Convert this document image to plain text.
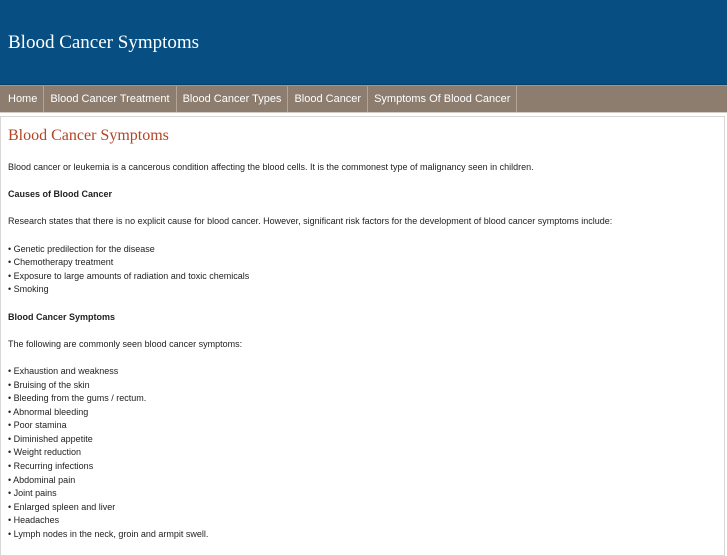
Blood Cancer Symptoms
Home	Blood Cancer Treatment	Blood Cancer Types	Blood Cancer	Symptoms Of Blood Cancer
Blood Cancer Symptoms

Blood cancer or leukemia is a cancerous condition affecting the blood cells. It is the commonest type of malignancy seen in children.

Causes of Blood Cancer

Research states that there is no explicit cause for blood cancer. However, significant risk factors for the development of blood cancer symptoms include:

• Genetic predilection for the disease
• Chemotherapy treatment
• Exposure to large amounts of radiation and toxic chemicals
• Smoking

Blood Cancer Symptoms

The following are commonly seen blood cancer symptoms:

• Exhaustion and weakness
• Bruising of the skin
• Bleeding from the gums / rectum.
• Abnormal bleeding
• Poor stamina
• Diminished appetite
• Weight reduction
• Recurring infections
• Abdominal pain
• Joint pains
• Enlarged spleen and liver
• Headaches
• Lymph nodes in the neck, groin and armpit swell.
